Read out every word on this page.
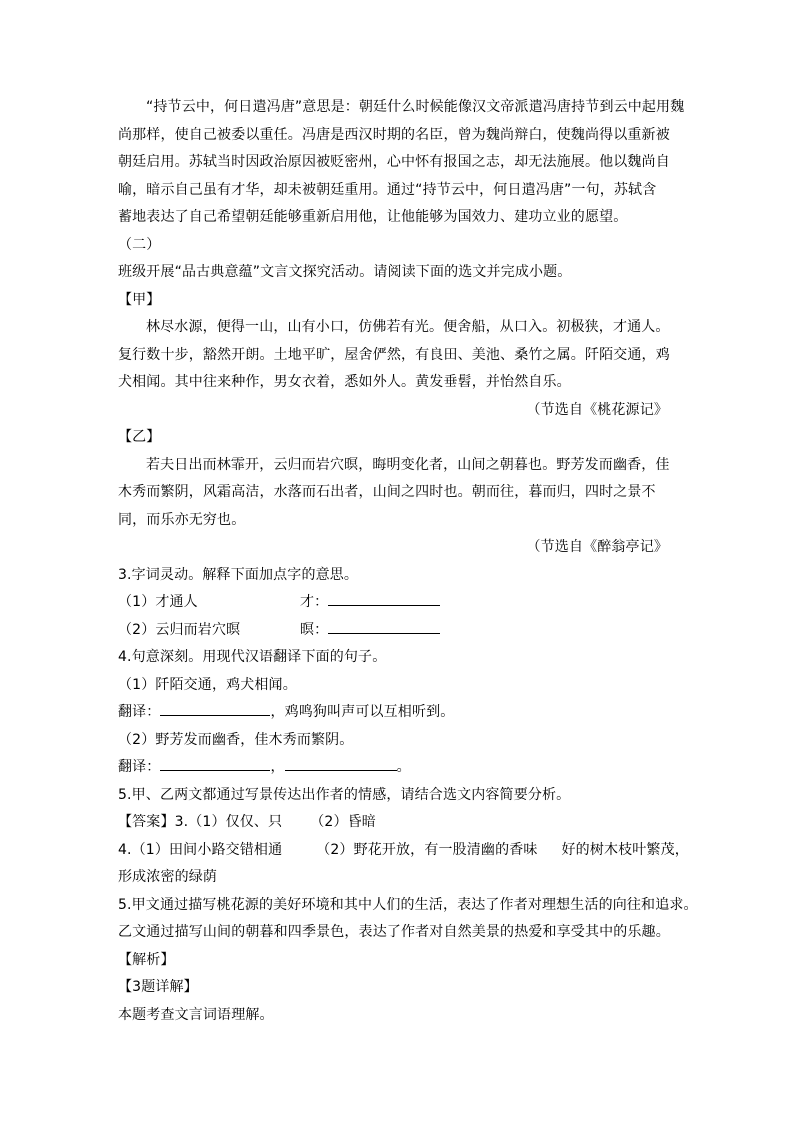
“持节云中，何日遣冯唐”意思是：朝廷什么时候能像汉文帝派遣冯唐持节到云中起用魏
尚那样，使自己被委以重任。冯唐是西汉时期的名臣，曾为魏尚辩白，使魏尚得以重新被
朝廷启用。苏轼当时因政治原因被贬密州，心中怀有报国之志，却无法施展。他以魏尚自
喻，暗示自己虽有才华，却未被朝廷重用。通过“持节云中，何日遣冯唐”一句，苏轼含
蓄地表达了自己希望朝廷能够重新启用他，让他能够为国效力、建功立业的愿望。
（二）
班级开展“品古典意蕴”文言文探究活动。请阅读下面的选文并完成小题。
【甲】
林尽水源，便得一山，山有小口，仿佛若有光。便舍船，从口入。初极狭，才通人。
复行数十步，豁然开朗。土地平旷，屋舍俨然，有良田、美池、桑竹之属。阡陌交通，鸡
犬相闻。其中往来种作，男女衣着，悉如外人。黄发垂髫，并怡然自乐。
（节选自《桃花源记》
【乙】
若夫日出而林霏开，云归而岩穴暝，晦明变化者，山间之朝暮也。野芳发而幽香，佳
木秀而繁阴，风霜高洁，水落而石出者，山间之四时也。朝而往，暮而归，四时之景不
同，而乐亦无穷也。
（节选自《醉翁亭记》
3.字词灵动。解释下面加点字的意思。
（1）才通人	才：
（2）云归而岩穴暝	暝：
4.句意深刻。用现代汉语翻译下面的句子。
（1）阡陌交通，鸡犬相闻。
翻译：	，鸡鸣狗叫声可以互相听到。
（2）野芳发而幽香，佳木秀而繁阴。
翻译：	，	。
5.甲、乙两文都通过写景传达出作者的情感，请结合选文内容简要分析。
【答案】3.（1）仅仅、只 （2）昏暗
4.（1）田间小路交错相通 （2）野花开放，有一股清幽的香味 好的树木枝叶繁茂，
形成浓密的绿荫
5.甲文通过描写桃花源的美好环境和其中人们的生活，表达了作者对理想生活的向往和追求。
乙文通过描写山间的朝暮和四季景色，表达了作者对自然美景的热爱和享受其中的乐趣。
【解析】
【3题详解】
本题考查文言词语理解。
